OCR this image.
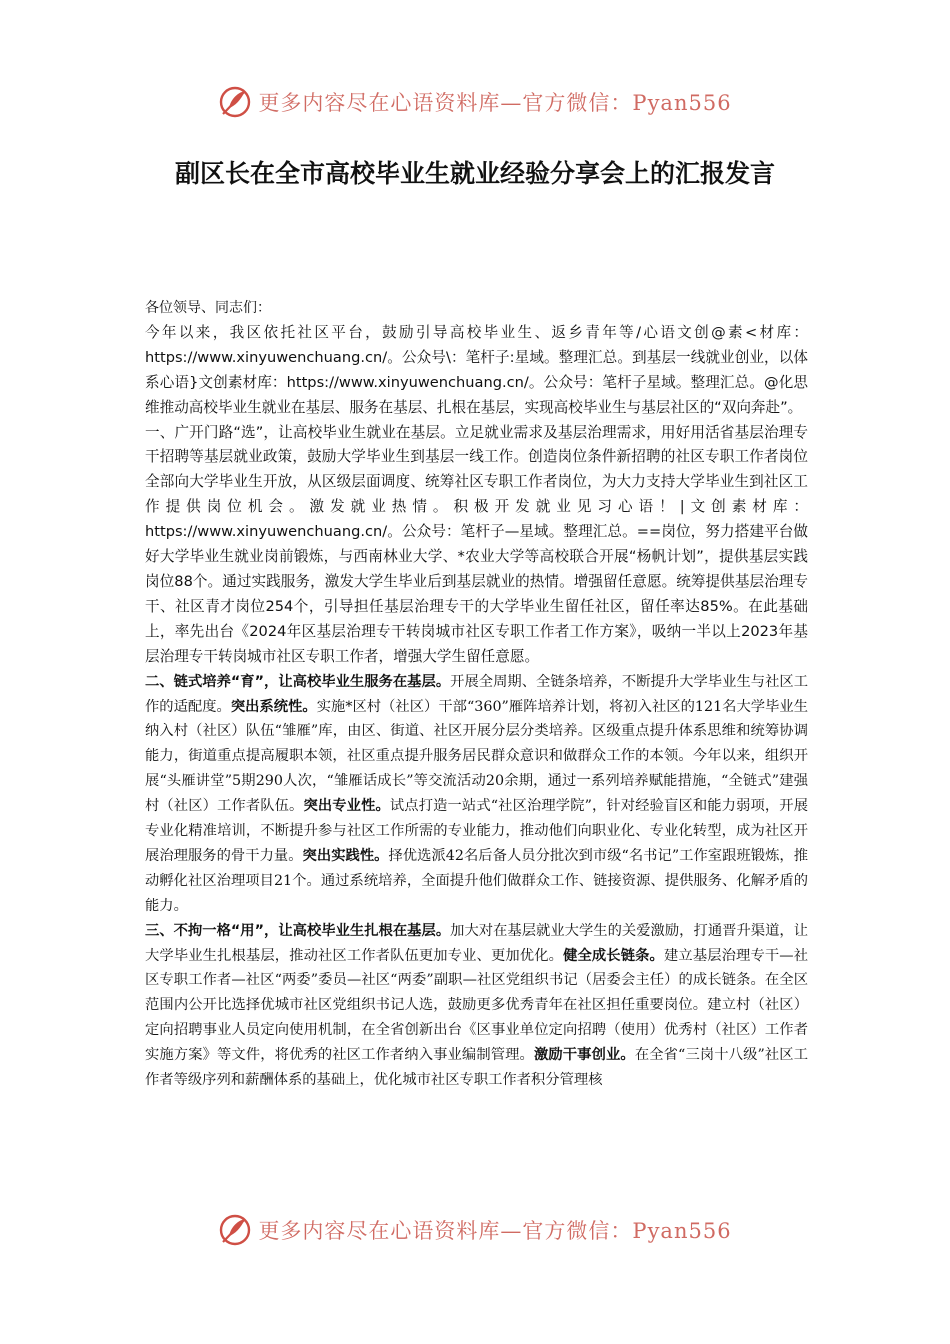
更多内容尽在心语资料库—官方微信：Pyan556
副区长在全市高校毕业生就业经验分享会上的汇报发言

各位领导、同志们：

今年以来，我区依托社区平台，鼓励引导高校毕业生、返乡青年等/心语文创@素<材库：https://www.xinyuwenchuang.cn/。公众号\：笔杆子:星域。整理汇总。到基层一线就业创业，以体系心语}文创素材库：https://www.xinyuwenchuang.cn/。公众号：笔杆子星域。整理汇总。@化思维推动高校毕业生就业在基层、服务在基层、扎根在基层，实现高校毕业生与基层社区的“双向奔赴”。

一、广开门路“选”，让高校毕业生就业在基层。立足就业需求及基层治理需求，用好用活省基层治理专干招聘等基层就业政策，鼓励大学毕业生到基层一线工作。创造岗位条件新招聘的社区专职工作者岗位全部向大学毕业生开放，从区级层面调度、统筹社区专职工作者岗位，为大力支持大学毕业生到社区工作提供岗位机会。激发就业热情。积极开发就业见习心语！|文创素材库：https://www.xinyuwenchuang.cn/。公众号：笔杆子—星域。整理汇总。==岗位，努力搭建平台做好大学毕业生就业岗前锻炼，与西南林业大学、*农业大学等高校联合开展“杨帆计划”，提供基层实践岗位88个。通过实践服务，激发大学生毕业后到基层就业的热情。增强留任意愿。统筹提供基层治理专干、社区青才岗位254个，引导担任基层治理专干的大学毕业生留任社区，留任率达85%。在此基础上，率先出台《2024年区基层治理专干转岗城市社区专职工作者工作方案》，吸纳一半以上2023年基层治理专干转岗城市社区专职工作者，增强大学生留任意愿。

二、链式培养“育”，让高校毕业生服务在基层。开展全周期、全链条培养，不断提升大学毕业生与社区工作的适配度。突出系统性。实施*区村（社区）干部“360”雁阵培养计划，将初入社区的121名大学毕业生纳入村（社区）队伍“雏雁”库，由区、街道、社区开展分层分类培养。区级重点提升体系思维和统筹协调能力，街道重点提高履职本领，社区重点提升服务居民群众意识和做群众工作的本领。今年以来，组织开展“头雁讲堂”5期290人次，“雏雁话成长”等交流活动20余期，通过一系列培养赋能措施，“全链式”建强村（社区）工作者队伍。突出专业性。试点打造一站式“社区治理学院”，针对经验盲区和能力弱项，开展专业化精准培训，不断提升参与社区工作所需的专业能力，推动他们向职业化、专业化转型，成为社区开展治理服务的骨干力量。突出实践性。择优选派42名后备人员分批次到市级“名书记”工作室跟班锻炼，推动孵化社区治理项目21个。通过系统培养，全面提升他们做群众工作、链接资源、提供服务、化解矛盾的能力。

三、不拘一格“用”，让高校毕业生扎根在基层。加大对在基层就业大学生的关爱激励，打通晋升渠道，让大学毕业生扎根基层，推动社区工作者队伍更加专业、更加优化。健全成长链条。建立基层治理专干—社区专职工作者—社区“两委”委员—社区“两委”副职—社区党组织书记（居委会主任）的成长链条。在全区范围内公开比选择优城市社区党组织书记人选，鼓励更多优秀青年在社区担任重要岗位。建立村（社区）定向招聘事业人员定向使用机制，在全省创新出台《区事业单位定向招聘（使用）优秀村（社区）工作者实施方案》等文件，将优秀的社区工作者纳入事业编制管理。激励干事创业。在全省“三岗十八级”社区工作者等级序列和薪酬体系的基础上，优化城市社区专职工作者积分管理核

更多内容尽在心语资料库—官方微信：Pyan556
